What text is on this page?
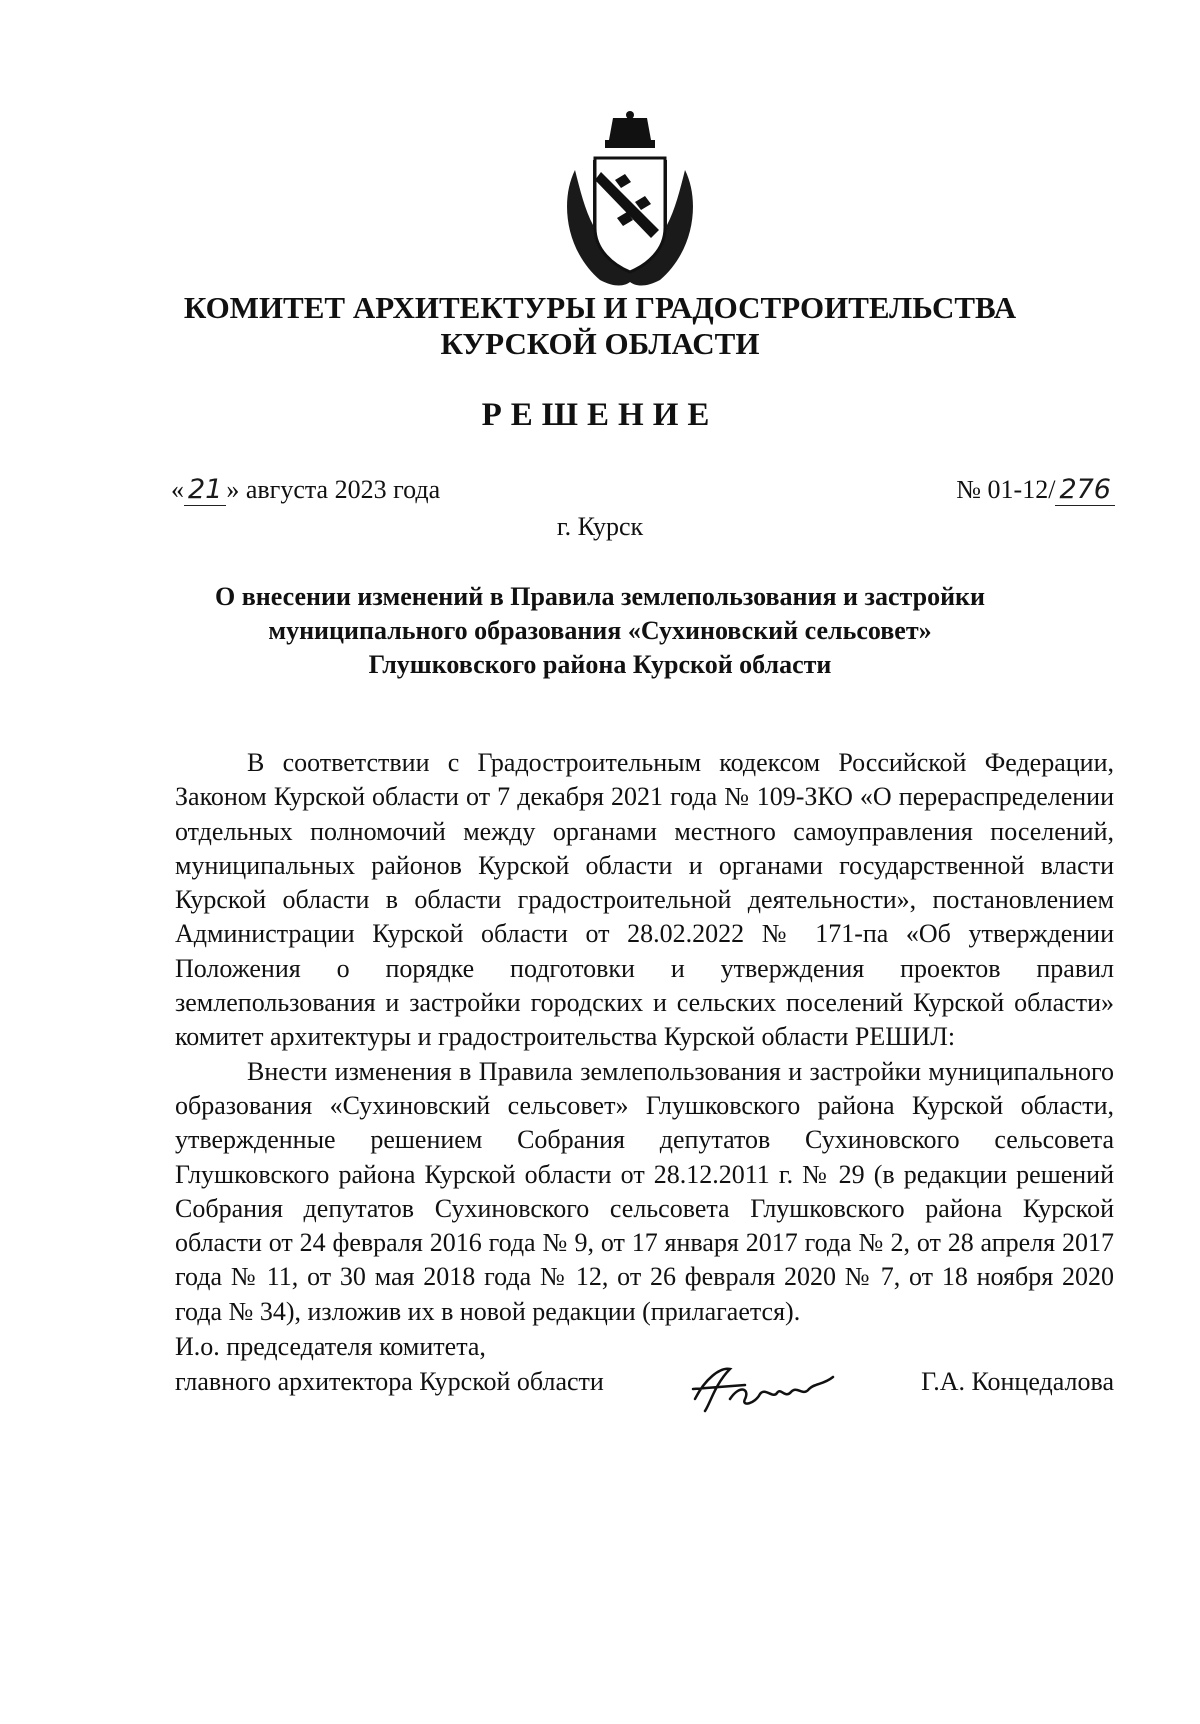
КОМИТЕТ АРХИТЕКТУРЫ И ГРАДОСТРОИТЕЛЬСТВА
КУРСКОЙ ОБЛАСТИ
РЕШЕНИЕ
« 21 » августа 2023 года	№ 01-12/ 276
г. Курск
О внесении изменений в Правила землепользования и застройки
муниципального образования «Сухиновский сельсовет»
Глушковского района Курской области

В соответствии с Градостроительным кодексом Российской Федерации, Законом Курской области от 7 декабря 2021 года № 109-ЗКО «О перераспределении отдельных полномочий между органами местного самоуправления поселений, муниципальных районов Курской области и органами государственной власти Курской области в области градостроительной деятельности», постановлением Администрации Курской области от 28.02.2022 № 171-па «Об утверждении Положения о порядке подготовки и утверждения проектов правил землепользования и застройки городских и сельских поселений Курской области» комитет архитектуры и градостроительства Курской области РЕШИЛ:

Внести изменения в Правила землепользования и застройки муниципального образования «Сухиновский сельсовет» Глушковского района Курской области, утвержденные решением Собрания депутатов Сухиновского сельсовета Глушковского района Курской области от 28.12.2011 г. № 29 (в редакции решений Собрания депутатов Сухиновского сельсовета Глушковского района Курской области от 24 февраля 2016 года № 9, от 17 января 2017 года № 2, от 28 апреля 2017 года № 11, от 30 мая 2018 года № 12, от 26 февраля 2020 № 7, от 18 ноября 2020 года № 34), изложив их в новой редакции (прилагается).

И.о. председателя комитета,
главного архитектора Курской области	Г.А. Концедалова
